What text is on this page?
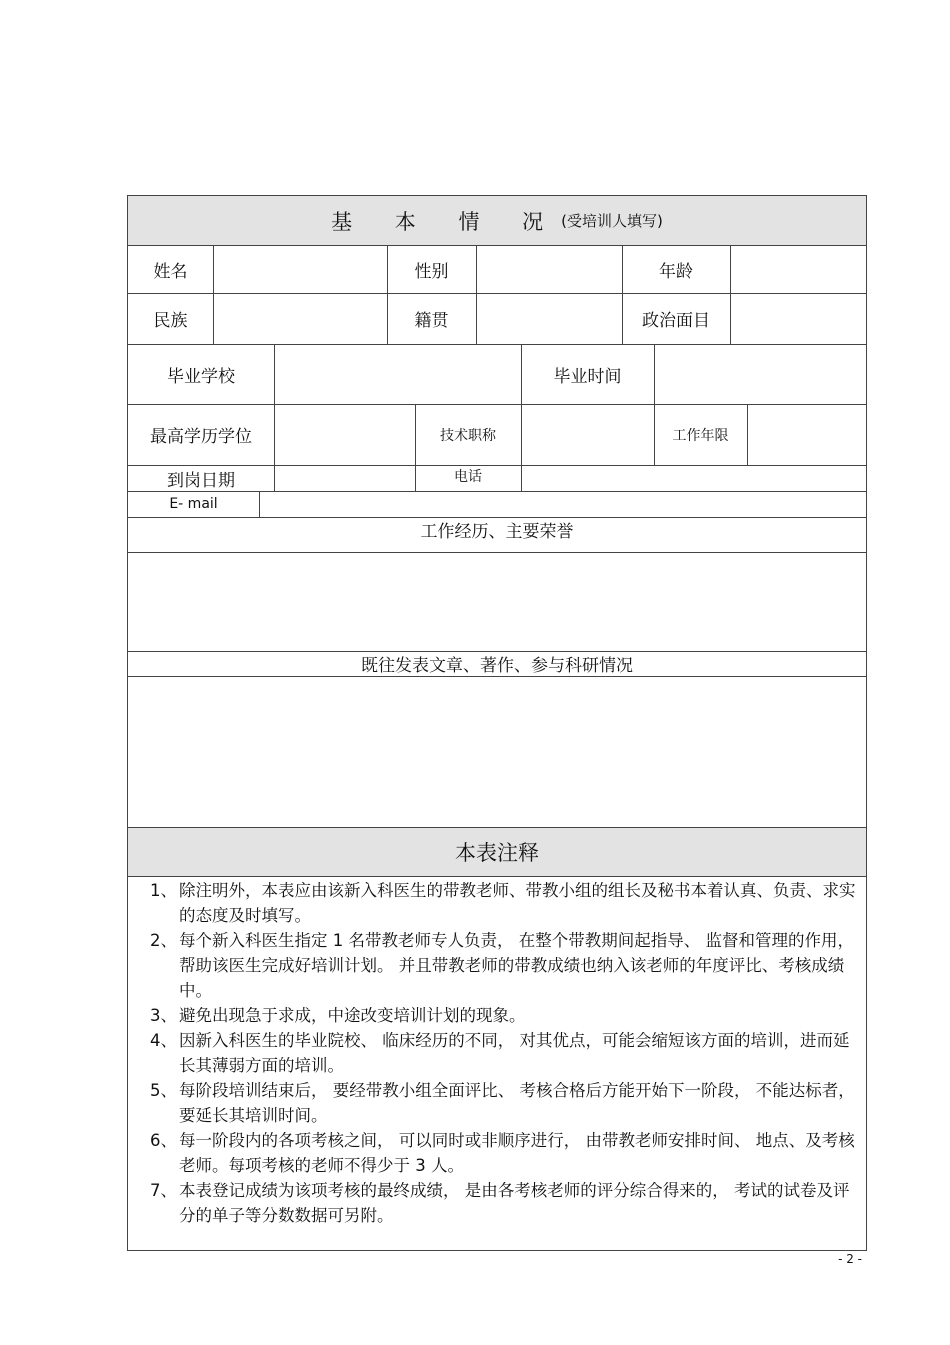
基 本 情 况 (受培训人填写)
姓名	性别	年龄
民族	籍贯	政治面目
毕业学校	毕业时间
最高学历学位	技术职称	工作年限
到岗日期	电话
E- mail
工作经历、主要荣誉
既往发表文章、著作、参与科研情况
本表注释
1、 除注明外，本表应由该新入科医生的带教老师、带教小组的组长及秘书本着认真、负责、求实的态度及时填写。
2、 每个新入科医生指定 1 名带教老师专人负责， 在整个带教期间起指导、 监督和管理的作用，帮助该医生完成好培训计划。 并且带教老师的带教成绩也纳入该老师的年度评比、考核成绩中。
3、 避免出现急于求成，中途改变培训计划的现象。
4、 因新入科医生的毕业院校、 临床经历的不同， 对其优点，可能会缩短该方面的培训，进而延长其薄弱方面的培训。
5、 每阶段培训结束后， 要经带教小组全面评比、 考核合格后方能开始下一阶段， 不能达标者，要延长其培训时间。
6、 每一阶段内的各项考核之间， 可以同时或非顺序进行， 由带教老师安排时间、 地点、及考核老师。每项考核的老师不得少于 3 人。
7、 本表登记成绩为该项考核的最终成绩， 是由各考核老师的评分综合得来的， 考试的试卷及评分的单子等分数数据可另附。
- 2 -
